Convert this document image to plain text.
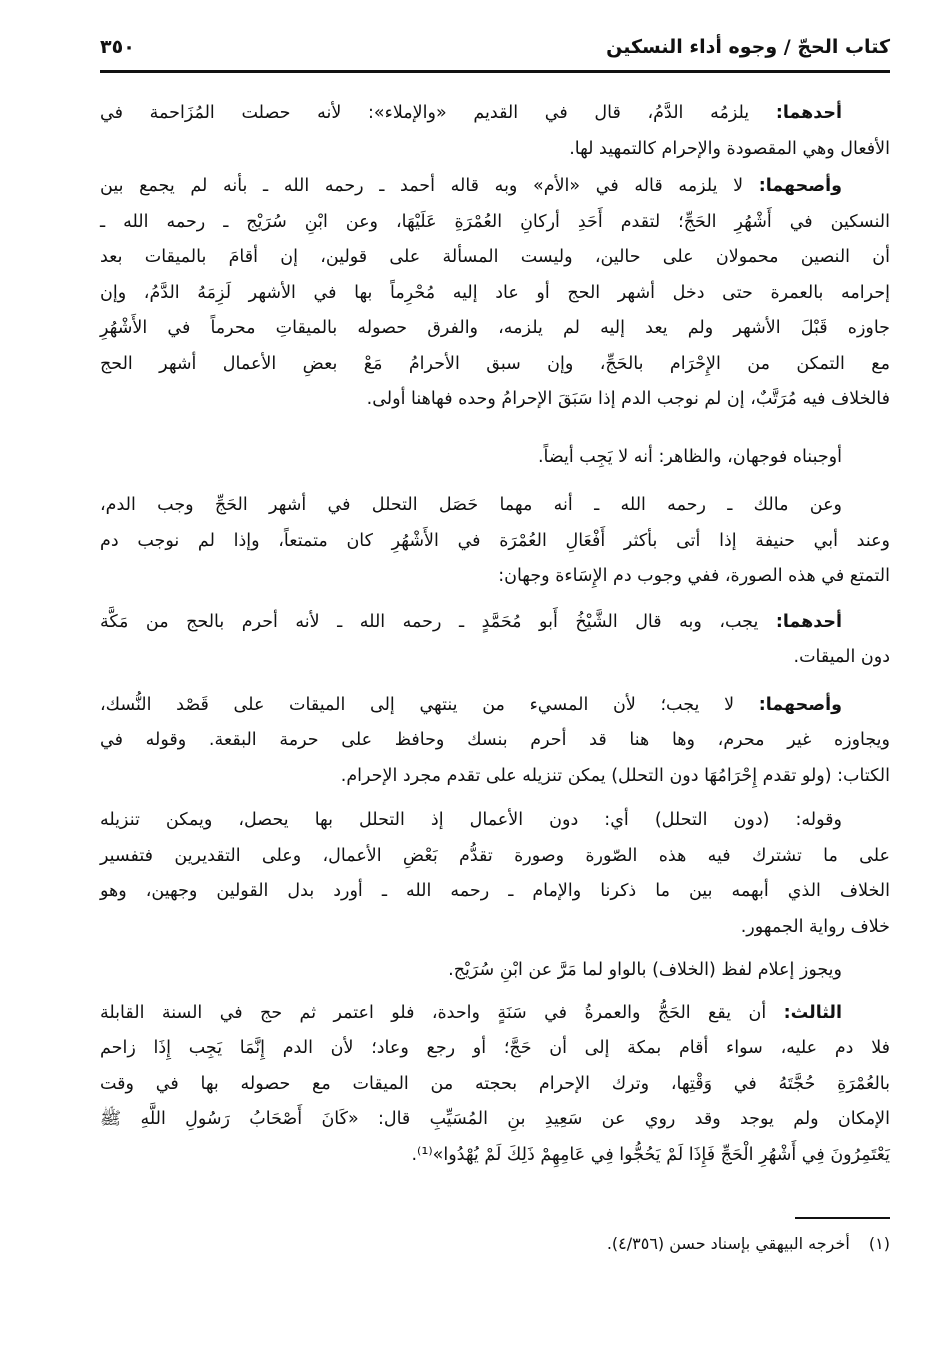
كتاب الحجّ / وجوه أداء النسكين
٣٥٠
أحدهما: يلزمُه الدَّمُ، قال في القديم «والإملاء»: لأنه حصلت المُزَاحمة في
الأفعال وهي المقصودة والإحرام كالتمهيد لها.
وأصحهما: لا يلزمه قاله في «الأم» وبه قاله أحمد ـ رحمه الله ـ بأنه لم يجمع بين
النسكين في أَشْهُرِ الحَجِّ؛ لتقدم أَحَدِ أركانِ العُمْرَةِ عَلَيْهَا، وعن ابْنِ سُرَيْج ـ رحمه الله ـ
أن النصين محمولان على حالين، وليست المسألة على قولين، إن أقامَ بالميقات بعد
إحرامه بالعمرة حتى دخل أشهر الحج أو عاد إليه مُحْرِماً بها في الأشهر لَزِمَهُ الدَّمُ، وإن
جاوزه قَبْلَ الأشهر ولم يعد إليه لم يلزمه، والفرق حصوله بالميقاتِ محرماً في الأَشْهُرِ
مع التمكن من الإِحْرَام بالحَجِّ، وإن سبق الأحرامُ مَعْ بعضِ الأعمال أشهر الحج
فالخلاف فيه مُرَتَّبٌ، إن لم نوجب الدم إذا سَبَقَ الإحرامُ وحده فهاهنا أولى.
أوجبناه فوجهان، والظاهر: أنه لا يَجِب أيضاً.
وعن مالك ـ رحمه الله ـ أنه مهما حَصَل التحلل في أشهر الحَجِّ وجب الدم،
وعند أبي حنيفة إذا أتى بأكثر أَفْعَالِ العُمْرَة في الأَشْهُرِ كان متمتعاً، وإذا لم نوجب دم
التمتع في هذه الصورة، ففي وجوب دم الإِسَاءة وجهان:
أحدهما: يجب، وبه قال الشَّيْخُ أَبو مُحَمَّدٍ ـ رحمه الله ـ لأنه أحرم بالحج من مَكَّة
دون الميقات.
وأصحهما: لا يجب؛ لأن المسيء من ينتهي إلى الميقات على قَصْد النُّسك،
ويجاوزه غير محرم، وها هنا قد أحرم بنسك وحافظ على حرمة البقعة. وقوله في
الكتاب: (ولو تقدم إِحْرَامُهَا دون التحلل) يمكن تنزيله على تقدم مجرد الإحرام.
وقوله: (دون التحلل) أي: دون الأعمال إذ التحلل بها يحصل، ويمكن تنزيله
على ما تشترك فيه هذه الصّورة وصورة تقدُّم بَعْضِ الأعمال، وعلى التقديرين فتفسير
الخلاف الذي أبهمه بين ما ذكرنا والإمام ـ رحمه الله ـ أورد بدل القولين وجهين، وهو
خلاف رواية الجمهور.
ويجوز إعلام لفظ (الخلاف) بالواو لما مَرَّ عن ابْنِ سُرَيْج.
الثالث: أن يقع الحَجُّ والعمرةُ في سَنَةٍ واحدة، فلو اعتمر ثم حج في السنة القابلة
فلا دم عليه، سواء أقام بمكة إلى أن حَجَّ؛ أو رجع وعاد؛ لأن الدم إِنَّمَا يَجِب إِذَا زاحم
بالعُمْرَةِ حُجَّتَهُ في وَقْتِها، وترك الإحرام بحجته من الميقات مع حصوله بها في وقت
الإمكان ولم يوجد وقد روي عن سَعِيدِ بنِ المُسَيِّبِ قال: «كَانَ أَصْحَابُ رَسُولِ اللَّهِ ﷺ
يَعْتَمِرُونَ فِي أَشْهُرِ الْحَجِّ فَإِذَا لَمْ يَحُجُّوا فِي عَامِهِمْ ذَلِكَ لَمْ يُهْدُوا»⁽¹⁾.
(١) أخرجه البيهقي بإسناد حسن (٤/٣٥٦).
